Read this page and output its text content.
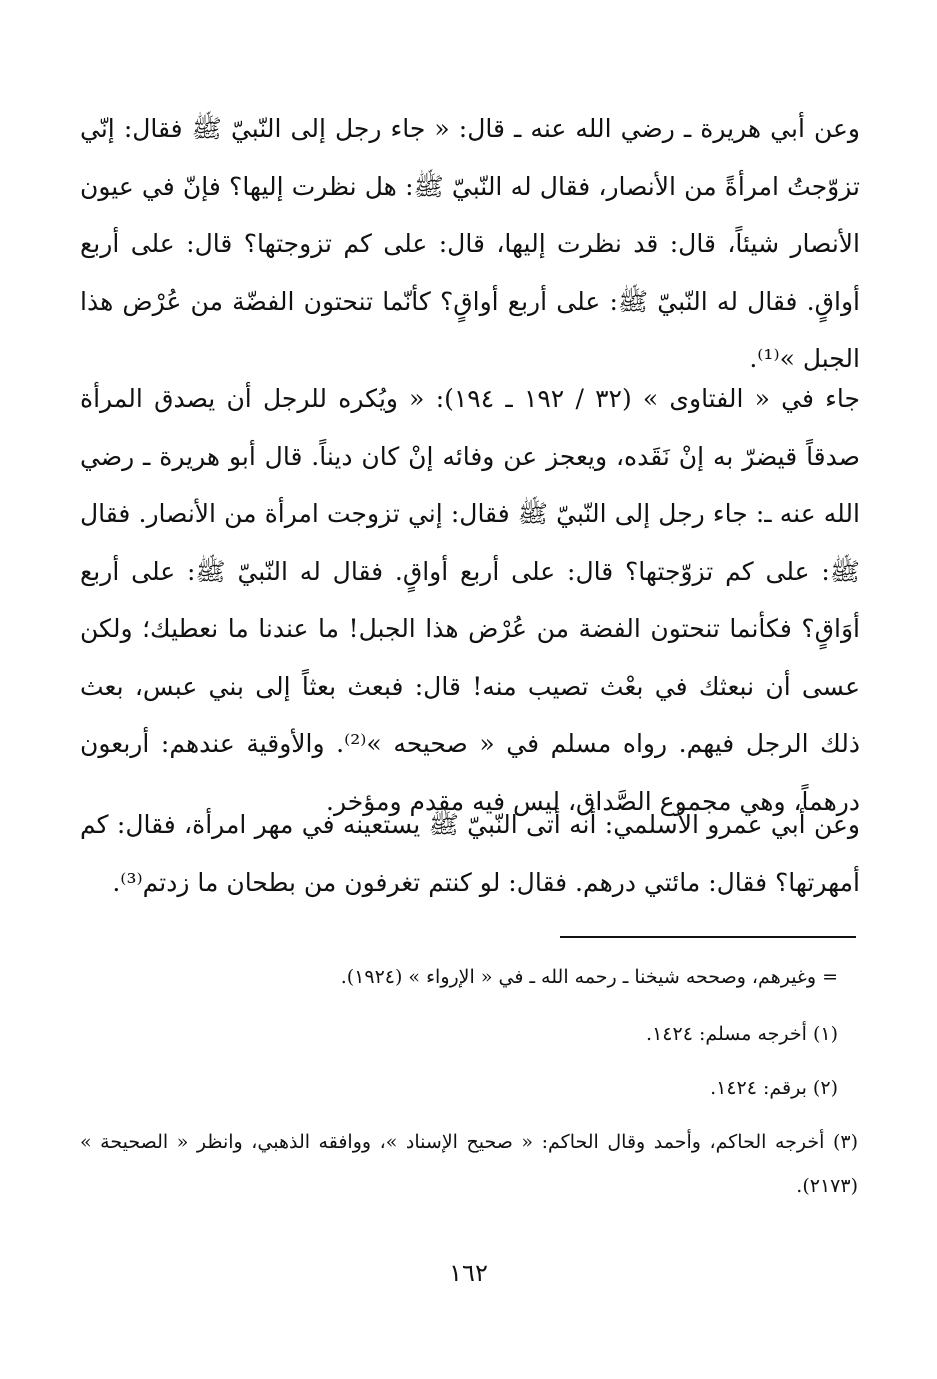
وعن أبي هريرة ـ رضي الله عنه ـ قال: « جاء رجل إلى النّبيّ ﷺ فقال: إنّي تزوّجتُ امرأةً من الأنصار، فقال له النّبيّ ﷺ: هل نظرت إليها؟ فإنّ في عيون الأنصار شيئاً، قال: قد نظرت إليها، قال: على كم تزوجتها؟ قال: على أربع أواقٍ. فقال له النّبيّ ﷺ: على أربع أواقٍ؟ كأنّما تنحتون الفضّة من عُرْض هذا الجبل »⁽¹⁾.

جاء في « الفتاوى » (٣٢ / ١٩٢ ـ ١٩٤): « ويُكره للرجل أن يصدق المرأة صدقاً قيضرّ به إنْ نَقَده، ويعجز عن وفائه إنْ كان ديناً. قال أبو هريرة ـ رضي الله عنه ـ: جاء رجل إلى النّبيّ ﷺ فقال: إني تزوجت امرأة من الأنصار. فقال ﷺ: على كم تزوّجتها؟ قال: على أربع أواقٍ. فقال له النّبيّ ﷺ: على أربع أوَاقٍ؟ فكأنما تنحتون الفضة من عُرْض هذا الجبل! ما عندنا ما نعطيك؛ ولكن عسى أن نبعثك في بعْث تصيب منه! قال: فبعث بعثاً إلى بني عبس، بعث ذلك الرجل فيهم. رواه مسلم في « صحيحه »⁽²⁾. والأوقية عندهم: أربعون درهماً، وهي مجموع الصَّداق، ليس فيه مقدم ومؤخر.

وعن أبي عمرو الأسلمي: أنه أتى النّبيّ ﷺ يستعينه في مهر امرأة، فقال: كم أمهرتها؟ فقال: مائتي درهم. فقال: لو كنتم تغرفون من بطحان ما زدتم⁽³⁾.

= وغيرهم، وصححه شيخنا ـ رحمه الله ـ في « الإرواء » (١٩٢٤).

(١) أخرجه مسلم: ١٤٢٤.

(٢) برقم: ١٤٢٤.

(٣) أخرجه الحاكم، وأحمد وقال الحاكم: « صحيح الإسناد »، ووافقه الذهبي، وانظر « الصحيحة » (٢١٧٣).

١٦٢
